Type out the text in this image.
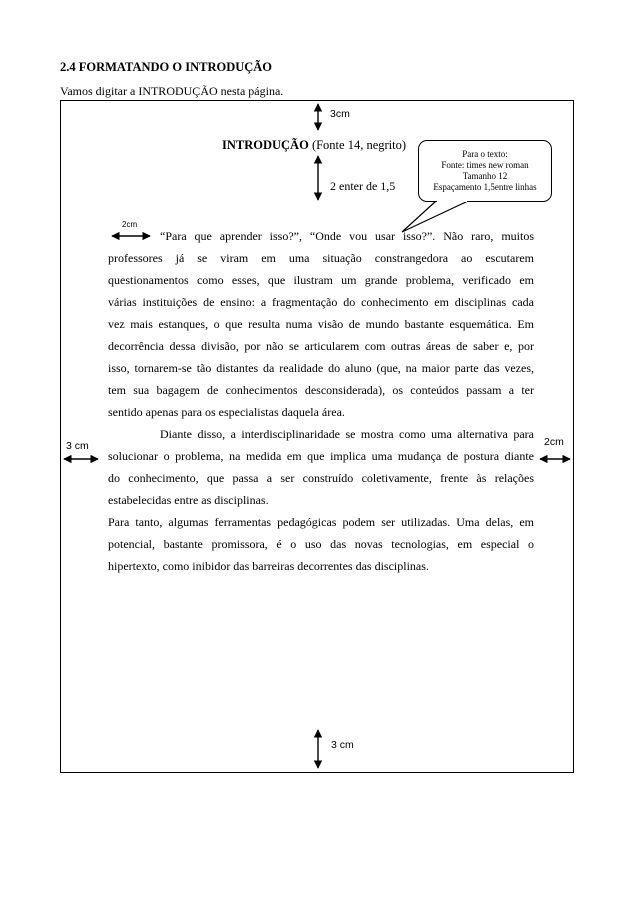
2.4 FORMATANDO O INTRODUÇÃO
Vamos digitar a INTRODUÇÃO nesta página.
3cm
INTRODUÇÃO (Fonte 14, negrito)
2 enter de 1,5
Para o texto:
Fonte: times new roman
Tamanho 12
Espaçamento 1,5entre linhas
2cm
3 cm	2cm
3 cm
“Para que aprender isso?”, “Onde vou usar isso?”. Não raro, muitos
professores já se viram em uma situação constrangedora ao escutarem
questionamentos como esses, que ilustram um grande problema, verificado em
várias instituições de ensino: a fragmentação do conhecimento em disciplinas cada
vez mais estanques, o que resulta numa visão de mundo bastante esquemática. Em
decorrência dessa divisão, por não se articularem com outras áreas de saber e, por
isso, tornarem-se tão distantes da realidade do aluno (que, na maior parte das vezes,
tem sua bagagem de conhecimentos desconsiderada), os conteúdos passam a ter
sentido apenas para os especialistas daquela área.
Diante disso, a interdisciplinaridade se mostra como uma alternativa para
solucionar o problema, na medida em que implica uma mudança de postura diante
do conhecimento, que passa a ser construído coletivamente, frente às relações
estabelecidas entre as disciplinas.
Para tanto, algumas ferramentas pedagógicas podem ser utilizadas. Uma delas, em
potencial, bastante promissora, é o uso das novas tecnologias, em especial o
hipertexto, como inibidor das barreiras decorrentes das disciplinas.
